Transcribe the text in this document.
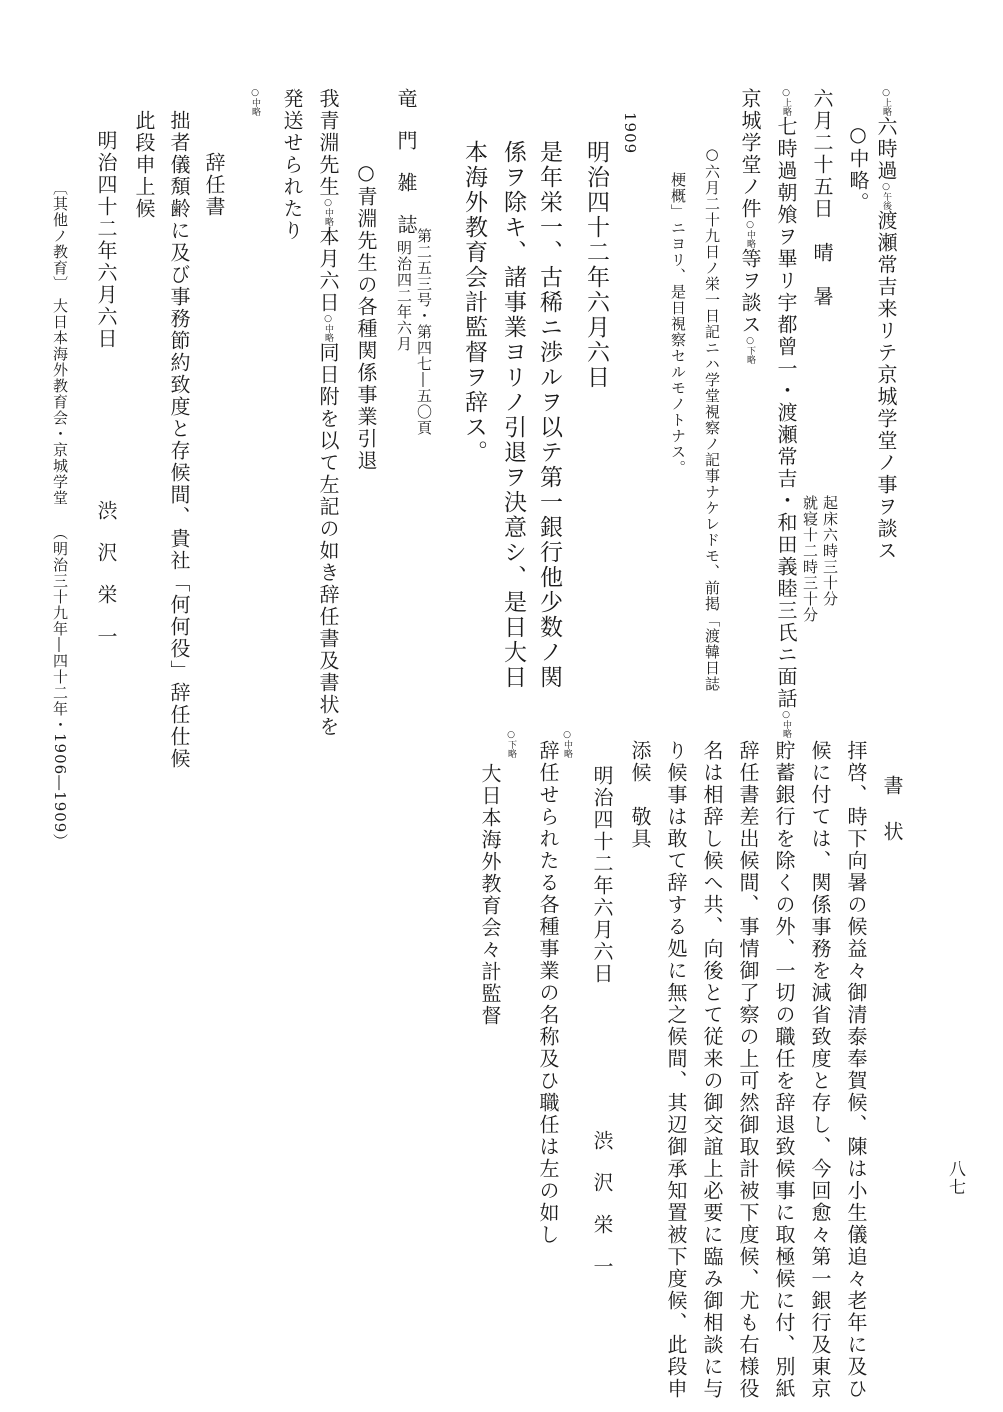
八七
○上略六時過○午後渡瀬常吉来リテ京城学堂ノ事ヲ談ス
○中略。
六月二十五日　晴　暑
起床六時三十分
就寝十二時三十分
○上略七時過朝飧ヲ畢リ宇都曾一・渡瀬常吉・和田義睦三氏ニ面話○中略
京城学堂ノ件○中略等ヲ談ス○下略
○六月二十九日ノ栄一日記ニハ学堂視察ノ記事ナケレドモ、前掲「渡韓日誌
梗概」ニヨリ、是日視察セルモノトナス。
1909
明治四十二年六月六日
是年栄一、古稀ニ渉ルヲ以テ第一銀行他少数ノ関
係ヲ除キ、諸事業ヨリノ引退ヲ決意シ、是日大日
本海外教育会計監督ヲ辞ス。
竜門雑誌
第二五三号・第四七―五〇頁
明治四二年六月
○青淵先生の各種関係事業引退
我青淵先生○中略本月六日○中略同日附を以て左記の如き辞任書及書状を
発送せられたり
○中略
辞任書
拙者儀頽齢に及び事務節約致度と存候間、貴社「何何役」辞任仕候
此段申上候
明治四十二年六月六日
渋沢栄一
〔其他ノ教育〕
大日本海外教育会・京城学堂
（明治三十九年―四十二年・1906―1909）	書状
拝啓、時下向暑の候益々御清泰奉賀候、陳は小生儀追々老年に及ひ
候に付ては、関係事務を減省致度と存し、今回愈々第一銀行及東京
貯蓄銀行を除くの外、一切の職任を辞退致候事に取極候に付、別紙
辞任書差出候間、事情御了察の上可然御取計被下度候、尤も右様役
名は相辞し候へ共、向後とて従来の御交誼上必要に臨み御相談に与
り候事は敢て辞する処に無之候間、其辺御承知置被下度候、此段申
添候　敬具
明治四十二年六月六日
渋沢栄一
○中略
辞任せられたる各種事業の名称及ひ職任は左の如し
○下略
大日本海外教育会々計監督
